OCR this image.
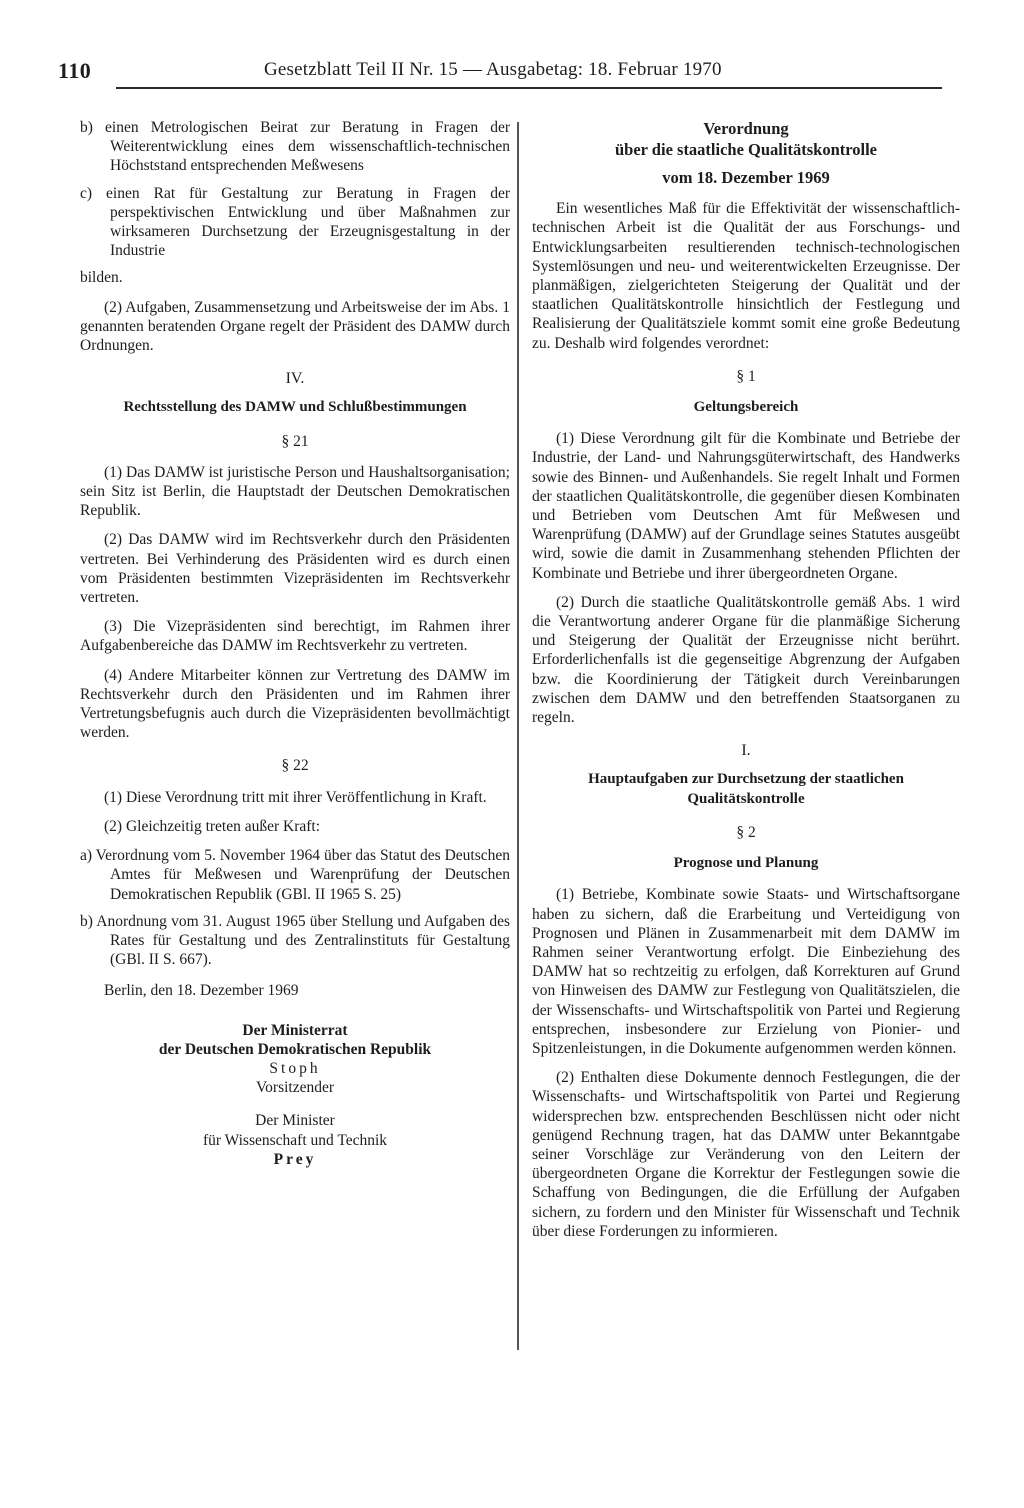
110	Gesetzblatt Teil II Nr. 15 — Ausgabetag: 18. Februar 1970

b) einen Metrologischen Beirat zur Beratung in Fragen der Weiterentwicklung eines dem wissenschaftlich-technischen Höchststand entsprechenden Meßwesens

c) einen Rat für Gestaltung zur Beratung in Fragen der perspektivischen Entwicklung und über Maßnahmen zur wirksameren Durchsetzung der Erzeugnisgestaltung in der Industrie

bilden.

(2) Aufgaben, Zusammensetzung und Arbeitsweise der im Abs. 1 genannten beratenden Organe regelt der Präsident des DAMW durch Ordnungen.

IV.

Rechtsstellung des DAMW und Schlußbestimmungen

§ 21

(1) Das DAMW ist juristische Person und Haushaltsorganisation; sein Sitz ist Berlin, die Hauptstadt der Deutschen Demokratischen Republik.

(2) Das DAMW wird im Rechtsverkehr durch den Präsidenten vertreten. Bei Verhinderung des Präsidenten wird es durch einen vom Präsidenten bestimmten Vizepräsidenten im Rechtsverkehr vertreten.

(3) Die Vizepräsidenten sind berechtigt, im Rahmen ihrer Aufgabenbereiche das DAMW im Rechtsverkehr zu vertreten.

(4) Andere Mitarbeiter können zur Vertretung des DAMW im Rechtsverkehr durch den Präsidenten und im Rahmen ihrer Vertretungsbefugnis auch durch die Vizepräsidenten bevollmächtigt werden.

§ 22

(1) Diese Verordnung tritt mit ihrer Veröffentlichung in Kraft.

(2) Gleichzeitig treten außer Kraft:

a) Verordnung vom 5. November 1964 über das Statut des Deutschen Amtes für Meßwesen und Warenprüfung der Deutschen Demokratischen Republik (GBl. II 1965 S. 25)

b) Anordnung vom 31. August 1965 über Stellung und Aufgaben des Rates für Gestaltung und des Zentralinstituts für Gestaltung (GBl. II S. 667).

Berlin, den 18. Dezember 1969

Der Ministerrat

der Deutschen Demokratischen Republik

Stoph

Vorsitzender

Der Minister

für Wissenschaft und Technik

Prey

Verordnung

über die staatliche Qualitätskontrolle

vom 18. Dezember 1969

Ein wesentliches Maß für die Effektivität der wissenschaftlich-technischen Arbeit ist die Qualität der aus Forschungs- und Entwicklungsarbeiten resultierenden technisch-technologischen Systemlösungen und neu- und weiterentwickelten Erzeugnisse. Der planmäßigen, zielgerichteten Steigerung der Qualität und der staatlichen Qualitätskontrolle hinsichtlich der Festlegung und Realisierung der Qualitätsziele kommt somit eine große Bedeutung zu. Deshalb wird folgendes verordnet:

§ 1

Geltungsbereich

(1) Diese Verordnung gilt für die Kombinate und Betriebe der Industrie, der Land- und Nahrungsgüterwirtschaft, des Handwerks sowie des Binnen- und Außenhandels. Sie regelt Inhalt und Formen der staatlichen Qualitätskontrolle, die gegenüber diesen Kombinaten und Betrieben vom Deutschen Amt für Meßwesen und Warenprüfung (DAMW) auf der Grundlage seines Statutes ausgeübt wird, sowie die damit in Zusammenhang stehenden Pflichten der Kombinate und Betriebe und ihrer übergeordneten Organe.

(2) Durch die staatliche Qualitätskontrolle gemäß Abs. 1 wird die Verantwortung anderer Organe für die planmäßige Sicherung und Steigerung der Qualität der Erzeugnisse nicht berührt. Erforderlichenfalls ist die gegenseitige Abgrenzung der Aufgaben bzw. die Koordinierung der Tätigkeit durch Vereinbarungen zwischen dem DAMW und den betreffenden Staatsorganen zu regeln.

I.

Hauptaufgaben zur Durchsetzung der staatlichen Qualitätskontrolle

§ 2

Prognose und Planung

(1) Betriebe, Kombinate sowie Staats- und Wirtschaftsorgane haben zu sichern, daß die Erarbeitung und Verteidigung von Prognosen und Plänen in Zusammenarbeit mit dem DAMW im Rahmen seiner Verantwortung erfolgt. Die Einbeziehung des DAMW hat so rechtzeitig zu erfolgen, daß Korrekturen auf Grund von Hinweisen des DAMW zur Festlegung von Qualitätszielen, die der Wissenschafts- und Wirtschaftspolitik von Partei und Regierung entsprechen, insbesondere zur Erzielung von Pionier- und Spitzenleistungen, in die Dokumente aufgenommen werden können.

(2) Enthalten diese Dokumente dennoch Festlegungen, die der Wissenschafts- und Wirtschaftspolitik von Partei und Regierung widersprechen bzw. entsprechenden Beschlüssen nicht oder nicht genügend Rechnung tragen, hat das DAMW unter Bekanntgabe seiner Vorschläge zur Veränderung von den Leitern der übergeordneten Organe die Korrektur der Festlegungen sowie die Schaffung von Bedingungen, die die Erfüllung der Aufgaben sichern, zu fordern und den Minister für Wissenschaft und Technik über diese Forderungen zu informieren.
